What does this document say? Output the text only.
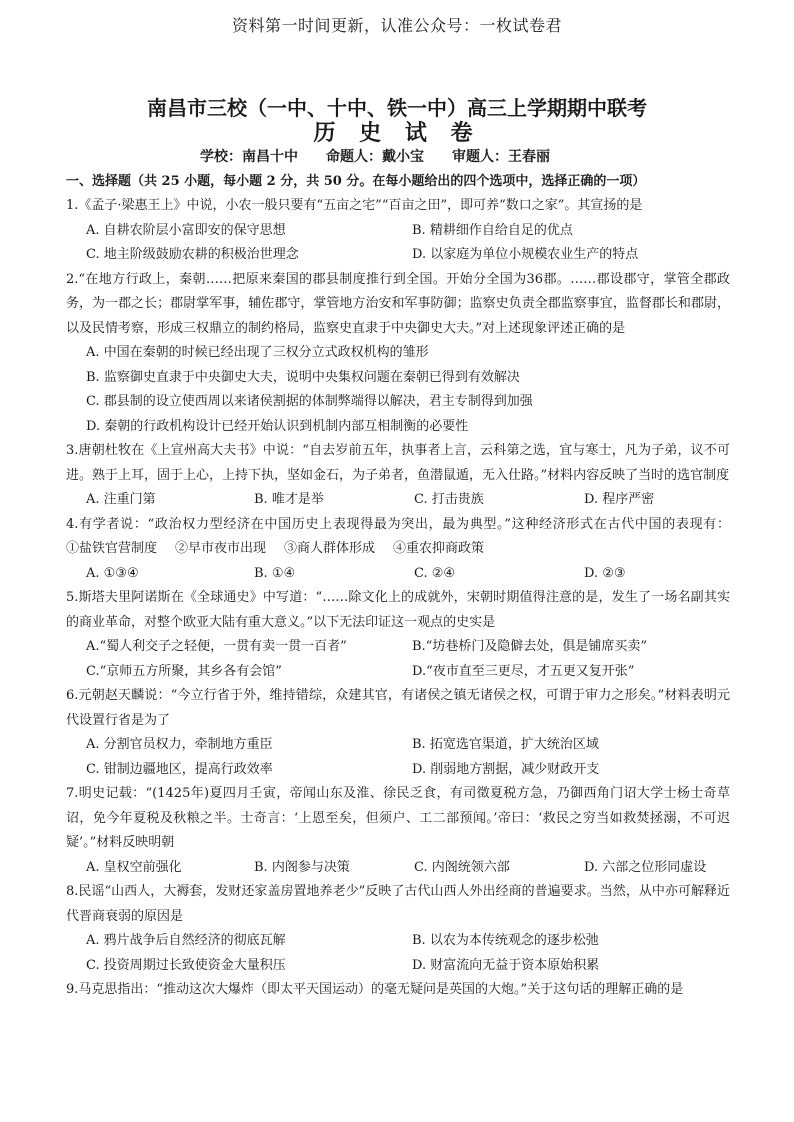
资料第一时间更新，认准公众号：一枚试卷君
南昌市三校（一中、十中、铁一中）高三上学期期中联考
历 史 试 卷
学校：南昌十中 命题人：戴小宝 审题人：王春丽
一、选择题（共 25 小题，每小题 2 分，共 50 分。在每小题给出的四个选项中，选择正确的一项）
1.《孟子·梁惠王上》中说，小农一般只要有“五亩之宅”“百亩之田”，即可养“数口之家”。其宣扬的是
A. 自耕农阶层小富即安的保守思想	B. 精耕细作自给自足的优点
C. 地主阶级鼓励农耕的积极治世理念	D. 以家庭为单位小规模农业生产的特点
2.“在地方行政上，秦朝……把原来秦国的郡县制度推行到全国。开始分全国为36郡。……郡设郡守，掌管全郡政务，为一郡之长；郡尉掌军事，辅佐郡守，掌管地方治安和军事防御；监察史负责全郡监察事宜，监督郡长和郡尉，以及民情考察，形成三权鼎立的制约格局，监察史直隶于中央御史大夫。”对上述现象评述正确的是
A. 中国在秦朝的时候已经出现了三权分立式政权机构的雏形
B. 监察御史直隶于中央御史大夫，说明中央集权问题在秦朝已得到有效解决
C. 郡县制的设立使西周以来诸侯割据的体制弊端得以解决，君主专制得到加强
D. 秦朝的行政机构设计已经开始认识到机制内部互相制衡的必要性
3.唐朝杜牧在《上宣州高大夫书》中说：“自去岁前五年，执事者上言，云科第之选，宜与寒士，凡为子弟，议不可进。熟于上耳，固于上心，上持下执，坚如金石，为子弟者，鱼潜鼠遁，无入仕路。”材料内容反映了当时的选官制度
A. 注重门第	B. 唯才是举	C. 打击贵族	D. 程序严密
4.有学者说：“政治权力型经济在中国历史上表现得最为突出，最为典型。”这种经济形式在古代中国的表现有：①盐铁官营制度 ②早市夜市出现 ③商人群体形成 ④重农抑商政策
A. ①③④	B. ①④	C. ②④	D. ②③
5.斯塔夫里阿诺斯在《全球通史》中写道：“……除文化上的成就外，宋朝时期值得注意的是，发生了一场名副其实的商业革命，对整个欧亚大陆有重大意义。”以下无法印证这一观点的史实是
A.“蜀人利交子之轻便，一贯有卖一贯一百者”	B.“坊巷桥门及隐僻去处，俱是铺席买卖”
C.“京师五方所聚，其乡各有会馆”	D.“夜市直至三更尽，才五更又复开张”
6.元朝赵天麟说：“今立行省于外，维持错综，众建其官，有诸侯之镇无诸侯之权，可谓于审力之形矣。”材料表明元代设置行省是为了
A. 分割官员权力，牵制地方重臣	B. 拓宽选官渠道，扩大统治区域
C. 钳制边疆地区，提高行政效率	D. 削弱地方割据，减少财政开支
7.明史记载：“(1425年)夏四月壬寅，帝闻山东及淮、徐民乏食，有司徵夏税方急，乃御西角门诏大学士杨士奇草诏，免今年夏税及秋粮之半。士奇言：‘上恩至矣，但须户、工二部预闻。’帝曰：‘救民之穷当如救焚拯溺，不可迟疑’。”材料反映明朝
A. 皇权空前强化	B. 内阁参与决策	C. 内阁统领六部	D. 六部之位形同虚设
8.民谣“山西人，大褥套，发财还家盖房置地养老少”反映了古代山西人外出经商的普遍要求。当然，从中亦可解释近代晋商衰弱的原因是
A. 鸦片战争后自然经济的彻底瓦解	B. 以农为本传统观念的逐步松弛
C. 投资周期过长致使资金大量积压	D. 财富流向无益于资本原始积累
9.马克思指出：“推动这次大爆炸（即太平天国运动）的毫无疑问是英国的大炮。”关于这句话的理解正确的是
